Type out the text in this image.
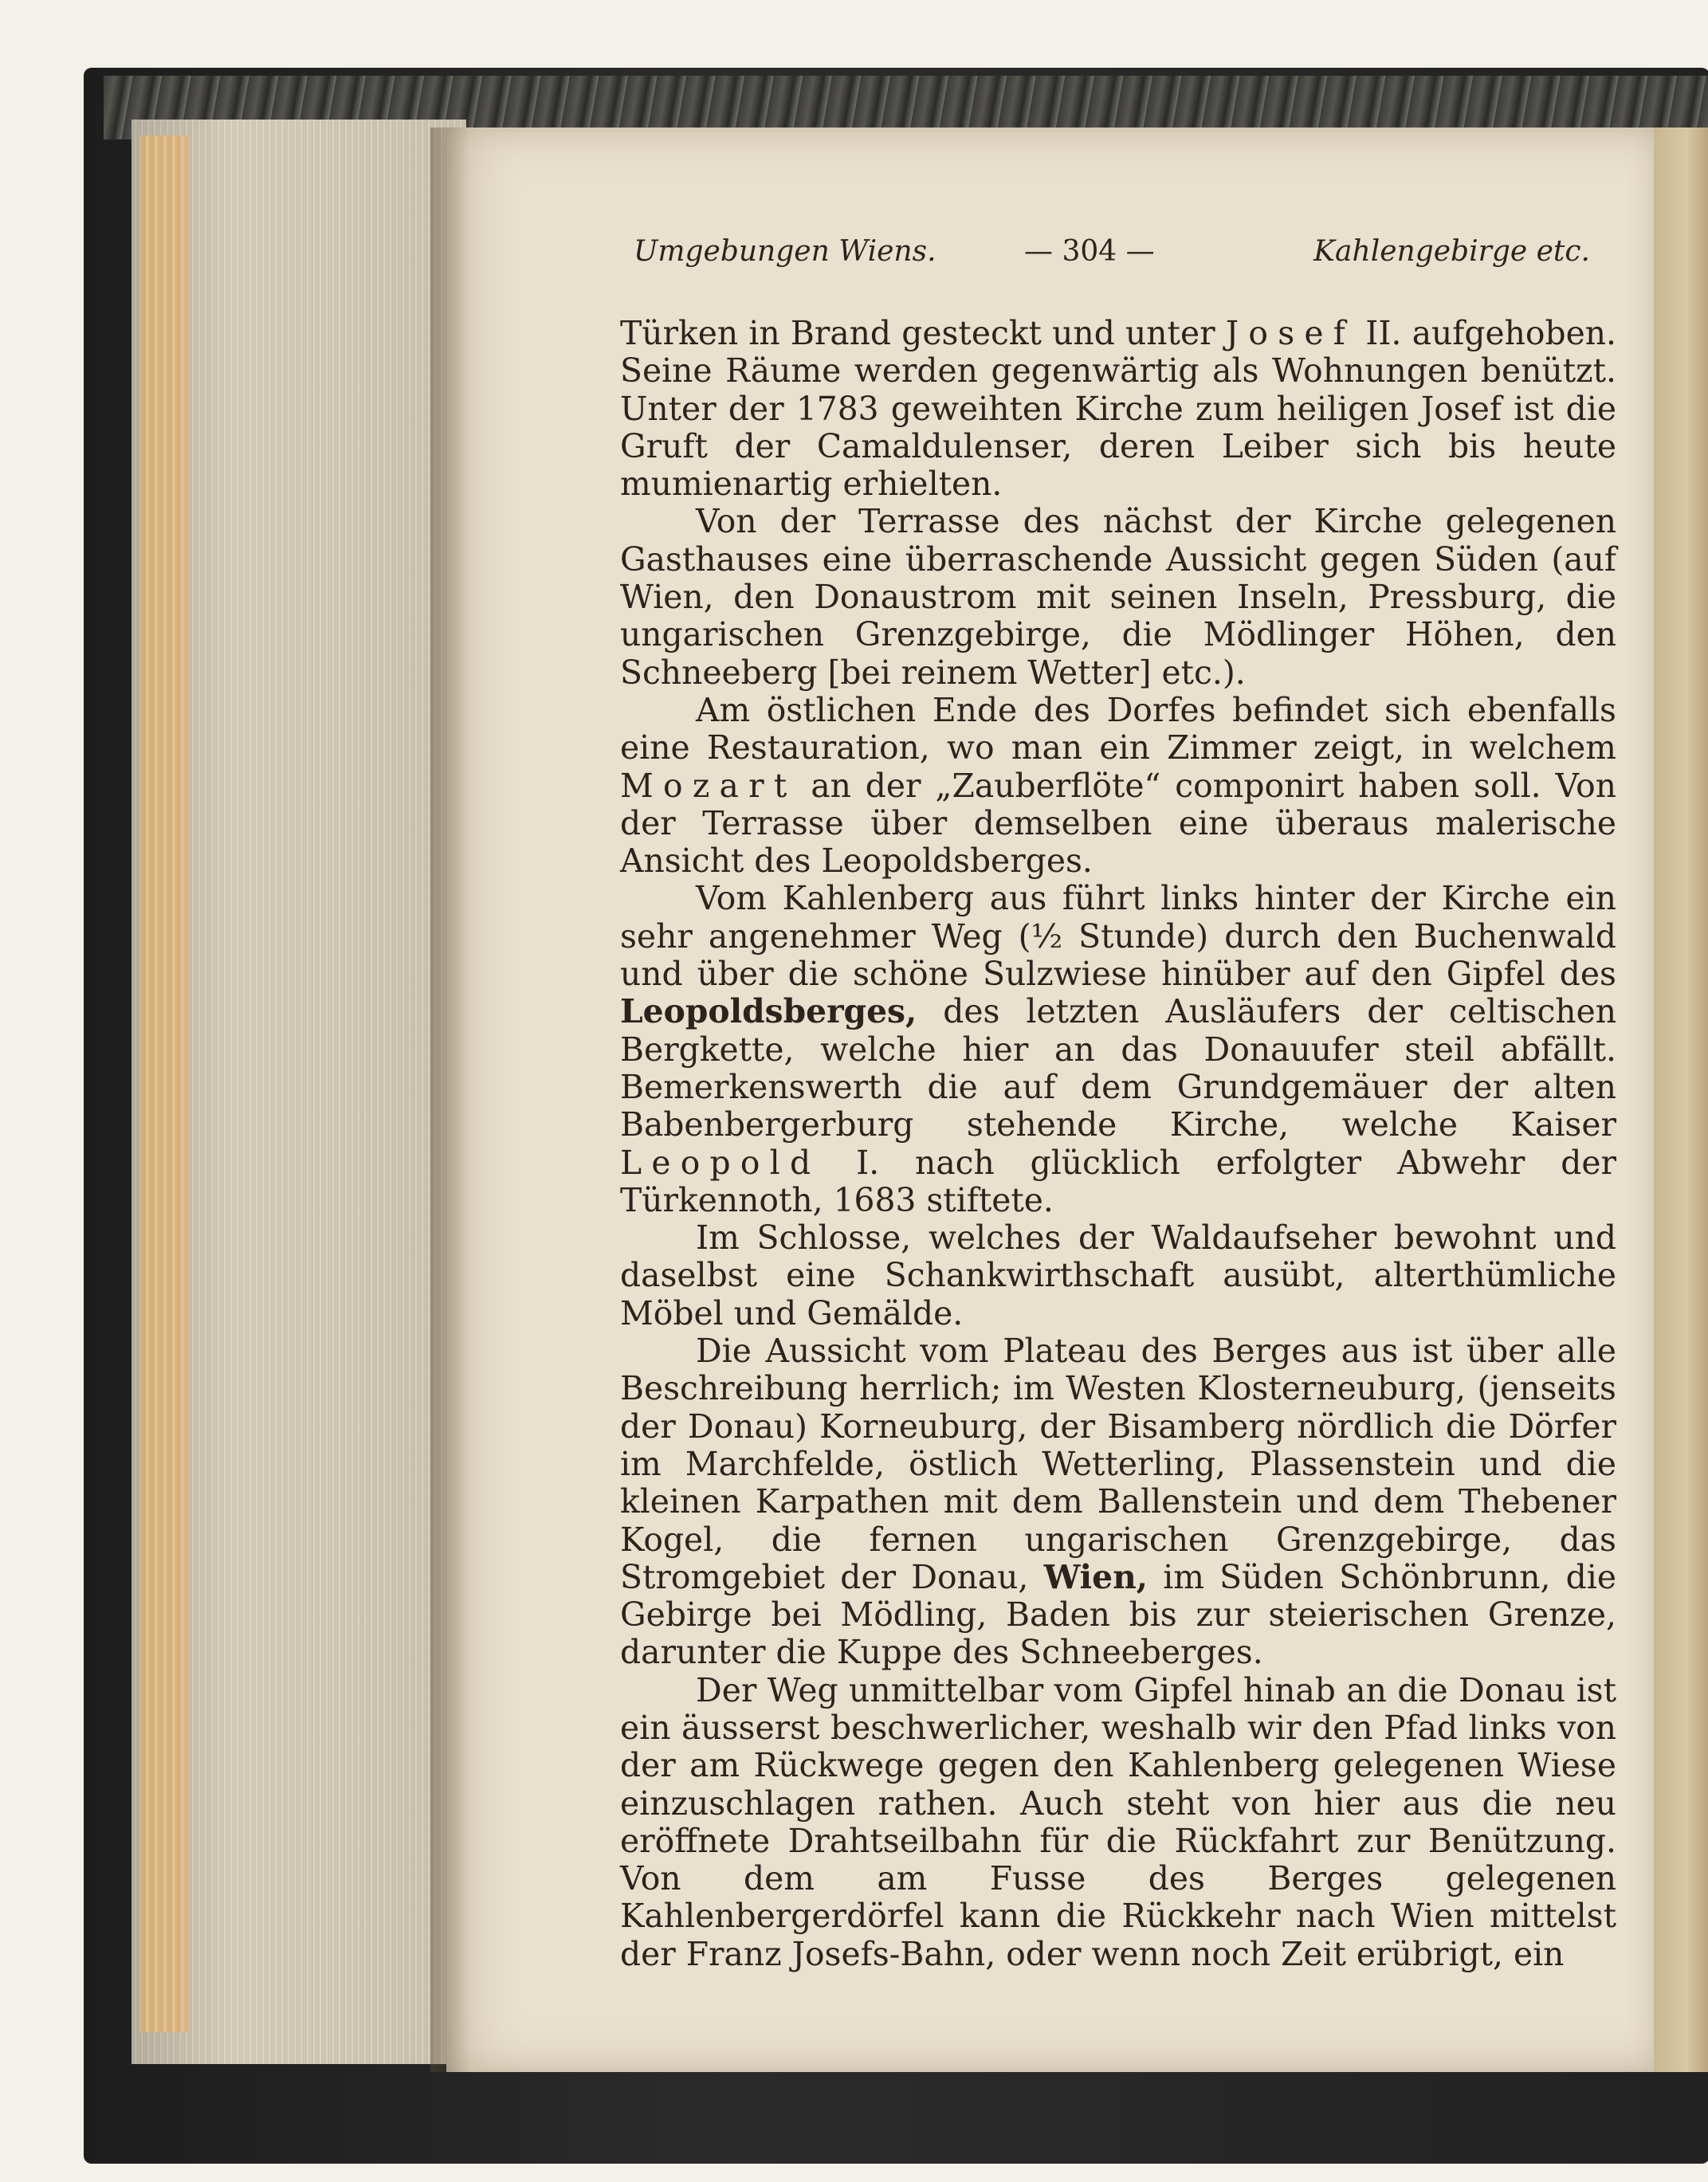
Umgebungen Wiens.	— 304 —	Kahlengebirge etc.

Türken in Brand gesteckt und unter Josef II. aufgehoben. Seine Räume werden gegenwärtig als Wohnungen benützt. Unter der 1783 geweihten Kirche zum heiligen Josef ist die Gruft der Camaldulenser, deren Leiber sich bis heute mumienartig erhielten.

Von der Terrasse des nächst der Kirche gelegenen Gasthauses eine überraschende Aussicht gegen Süden (auf Wien, den Donaustrom mit seinen Inseln, Pressburg, die ungarischen Grenzgebirge, die Mödlinger Höhen, den Schneeberg [bei reinem Wetter] etc.).

Am östlichen Ende des Dorfes befindet sich ebenfalls eine Restauration, wo man ein Zimmer zeigt, in welchem Mozart an der „Zauberflöte“ componirt haben soll. Von der Terrasse über demselben eine überaus malerische Ansicht des Leopoldsberges.

Vom Kahlenberg aus führt links hinter der Kirche ein sehr angenehmer Weg (½ Stunde) durch den Buchenwald und über die schöne Sulzwiese hinüber auf den Gipfel des Leopoldsberges, des letzten Ausläufers der celtischen Bergkette, welche hier an das Donauufer steil abfällt. Bemerkenswerth die auf dem Grundgemäuer der alten Babenbergerburg stehende Kirche, welche Kaiser Leopold I. nach glücklich erfolgter Abwehr der Türkennoth, 1683 stiftete.

Im Schlosse, welches der Waldaufseher bewohnt und daselbst eine Schankwirthschaft ausübt, alterthümliche Möbel und Gemälde.

Die Aussicht vom Plateau des Berges aus ist über alle Beschreibung herrlich; im Westen Klosterneuburg, (jenseits der Donau) Korneuburg, der Bisamberg nördlich die Dörfer im Marchfelde, östlich Wetterling, Plassenstein und die kleinen Karpathen mit dem Ballenstein und dem Thebener Kogel, die fernen ungarischen Grenzgebirge, das Stromgebiet der Donau, Wien, im Süden Schönbrunn, die Gebirge bei Mödling, Baden bis zur steierischen Grenze, darunter die Kuppe des Schneeberges.

Der Weg unmittelbar vom Gipfel hinab an die Donau ist ein äusserst beschwerlicher, weshalb wir den Pfad links von der am Rückwege gegen den Kahlenberg gelegenen Wiese einzuschlagen rathen. Auch steht von hier aus die neu eröffnete Drahtseilbahn für die Rückfahrt zur Benützung. Von dem am Fusse des Berges gelegenen Kahlenbergerdörfel kann die Rückkehr nach Wien mittelst der Franz Josefs-Bahn, oder wenn noch Zeit erübrigt, ein
